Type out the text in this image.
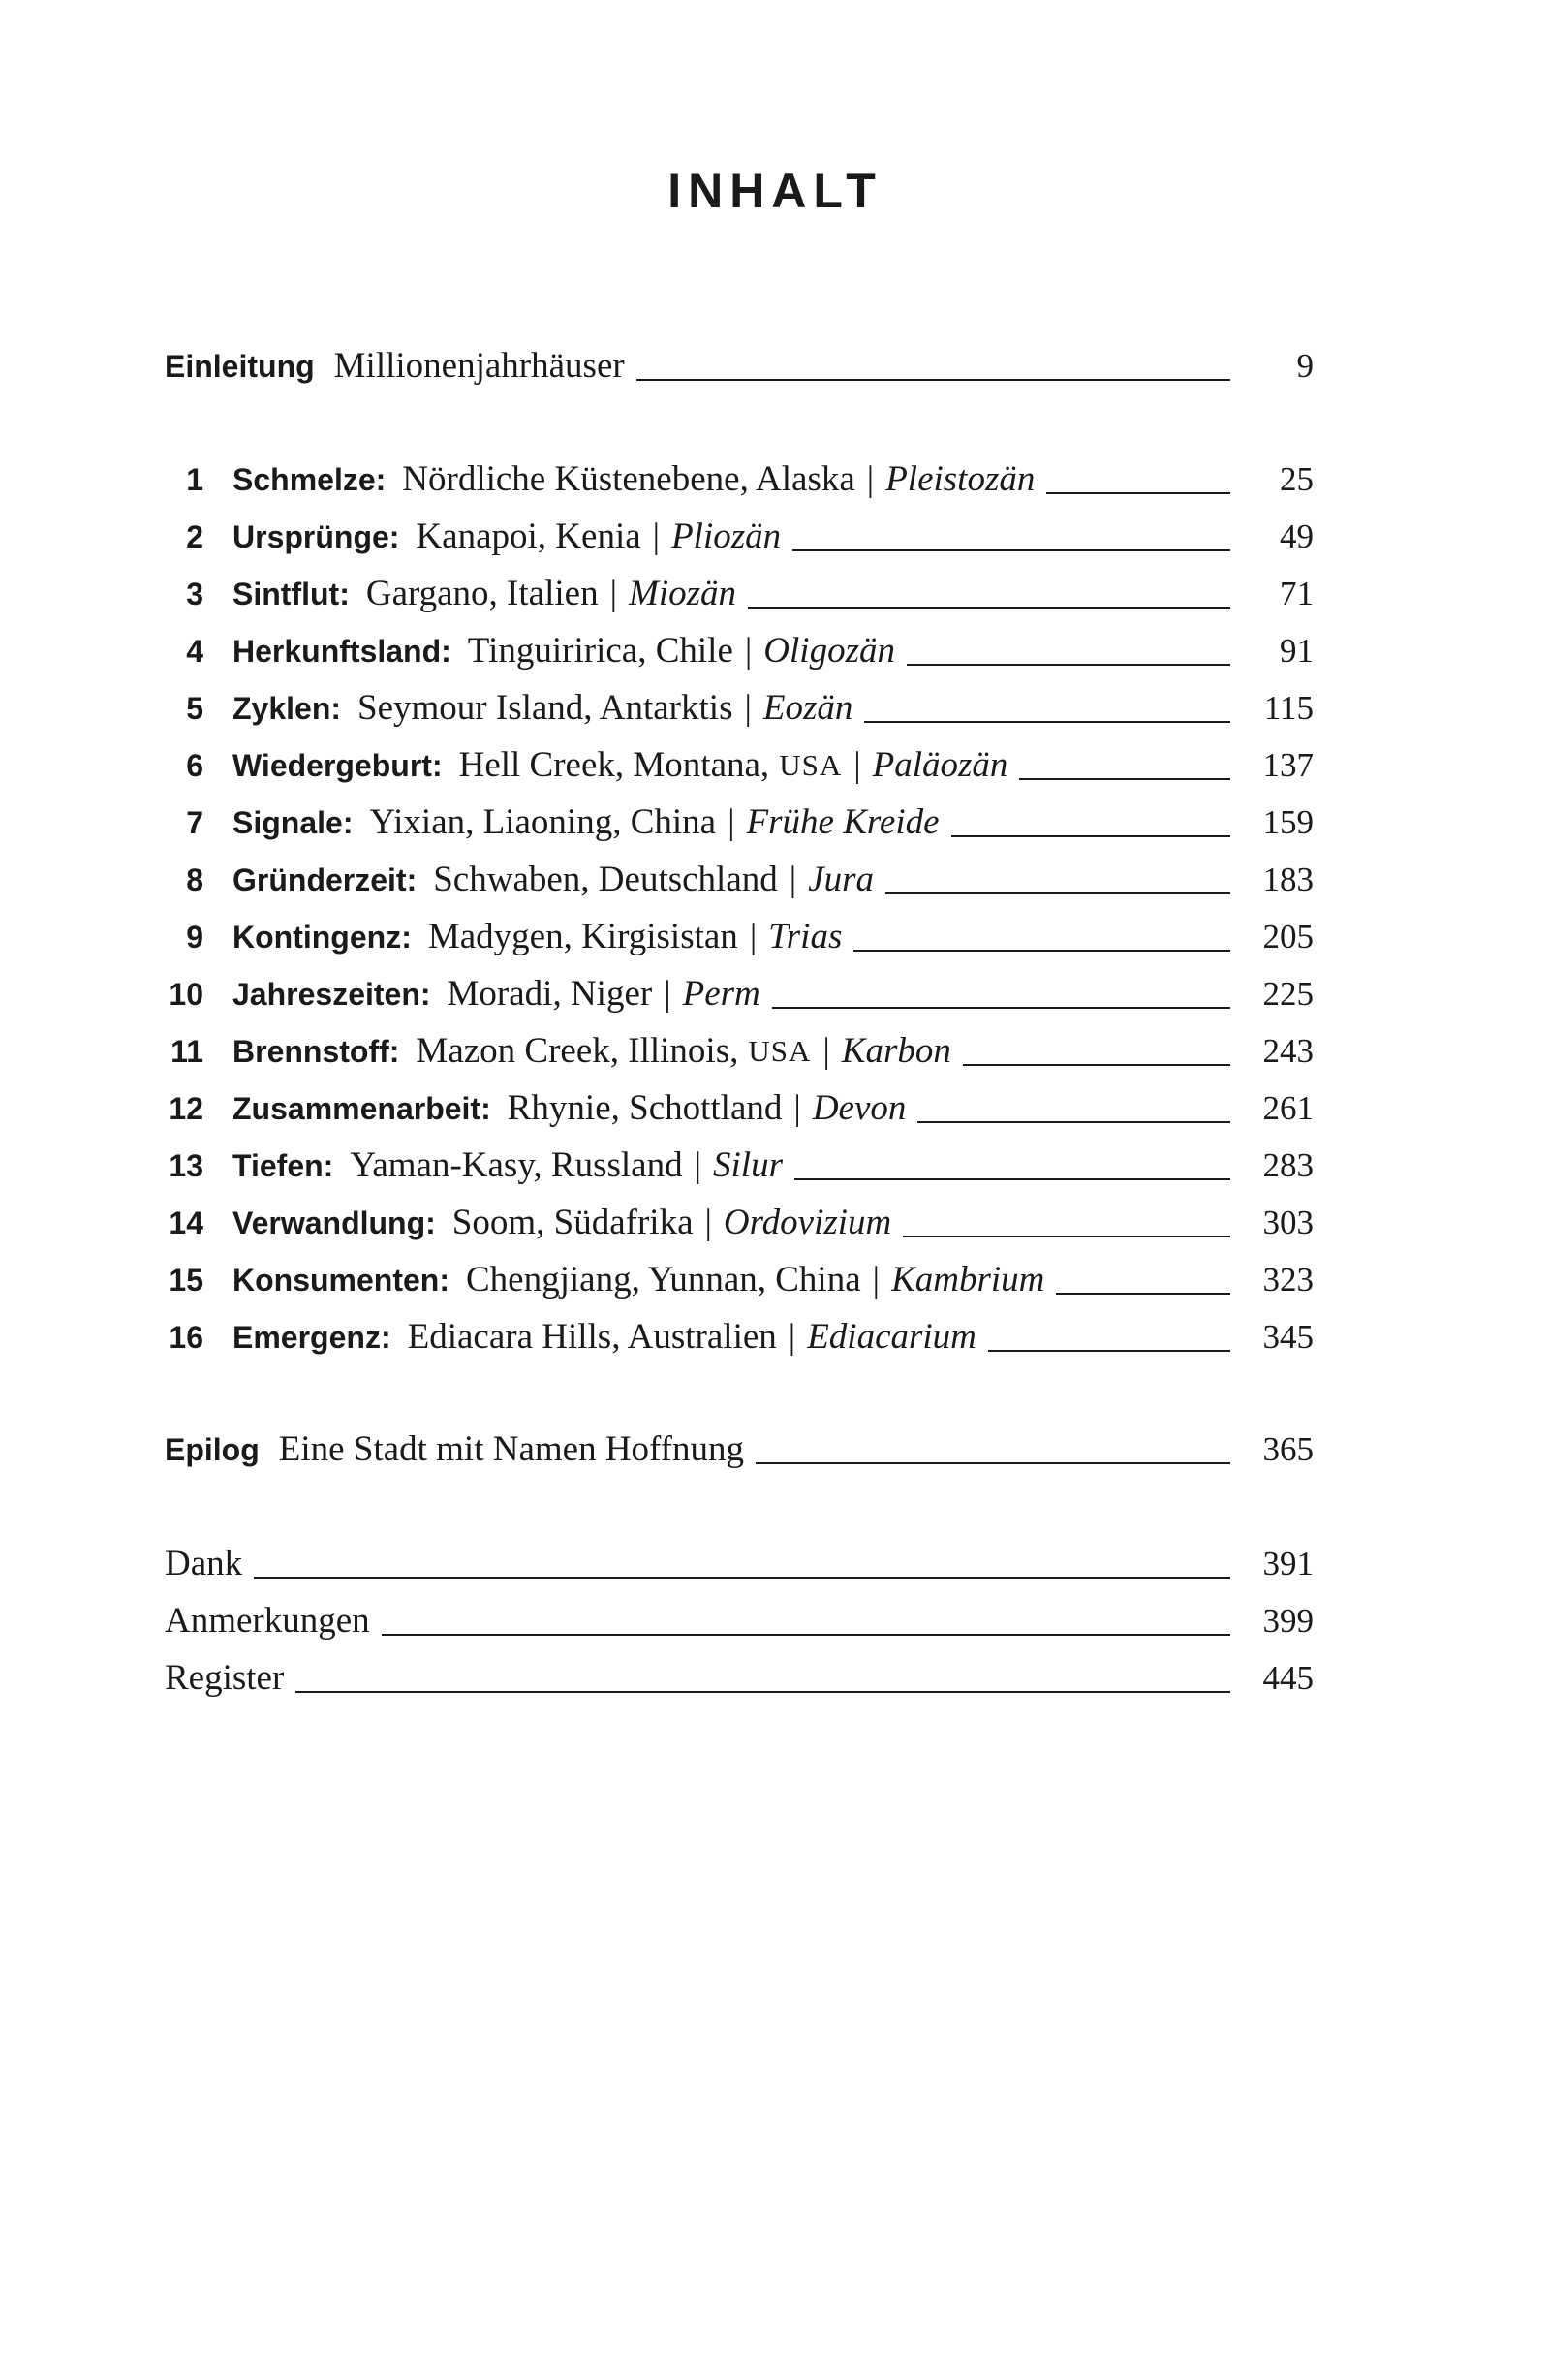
INHALT
Einleitung Millionenjahrhäuser	9
1 Schmelze: Nördliche Küstenebene, Alaska | Pleistozän	25
2 Ursprünge: Kanapoi, Kenia | Pliozän	49
3 Sintflut: Gargano, Italien | Miozän	71
4 Herkunftsland: Tinguiririca, Chile | Oligozän	91
5 Zyklen: Seymour Island, Antarktis | Eozän	115
6 Wiedergeburt: Hell Creek, Montana, USA | Paläozän	137
7 Signale: Yixian, Liaoning, China | Frühe Kreide	159
8 Gründerzeit: Schwaben, Deutschland | Jura	183
9 Kontingenz: Madygen, Kirgisistan | Trias	205
10 Jahreszeiten: Moradi, Niger | Perm	225
11 Brennstoff: Mazon Creek, Illinois, USA | Karbon	243
12 Zusammenarbeit: Rhynie, Schottland | Devon	261
13 Tiefen: Yaman-Kasy, Russland | Silur	283
14 Verwandlung: Soom, Südafrika | Ordovizium	303
15 Konsumenten: Chengjiang, Yunnan, China | Kambrium	323
16 Emergenz: Ediacara Hills, Australien | Ediacarium	345
Epilog Eine Stadt mit Namen Hoffnung	365
Dank	391
Anmerkungen	399
Register	445
